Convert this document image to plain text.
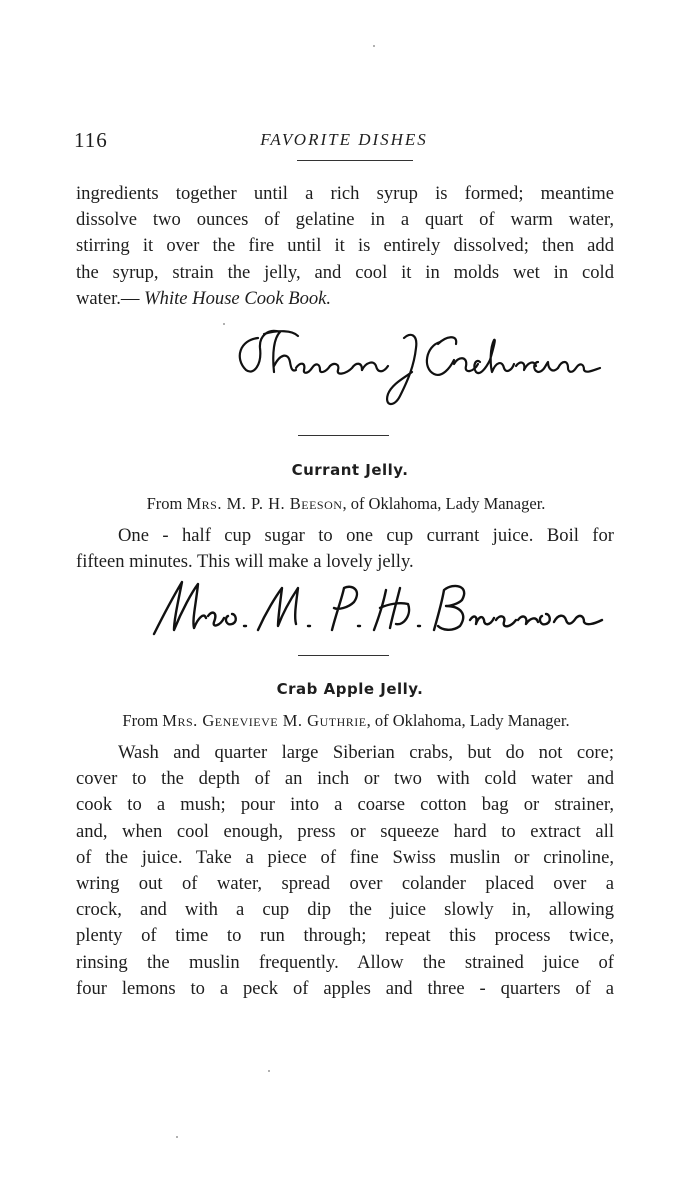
116	FAVORITE DISHES
ingredients together until a rich syrup is formed; meantime
dissolve two ounces of gelatine in a quart of warm water,
stirring it over the fire until it is entirely dissolved; then add
the syrup, strain the jelly, and cool it in molds wet in cold
water.— White House Cook Book.
Currant Jelly.
From Mrs. M. P. H. Beeson, of Oklahoma, Lady Manager.
One - half cup sugar to one cup currant juice. Boil for
fifteen minutes. This will make a lovely jelly.
Crab Apple Jelly.
From Mrs. Genevieve M. Guthrie, of Oklahoma, Lady Manager.
Wash and quarter large Siberian crabs, but do not core;
cover to the depth of an inch or two with cold water and
cook to a mush; pour into a coarse cotton bag or strainer,
and, when cool enough, press or squeeze hard to extract all
of the juice. Take a piece of fine Swiss muslin or crinoline,
wring out of water, spread over colander placed over a
crock, and with a cup dip the juice slowly in, allowing
plenty of time to run through; repeat this process twice,
rinsing the muslin frequently. Allow the strained juice of
four lemons to a peck of apples and three - quarters of a
